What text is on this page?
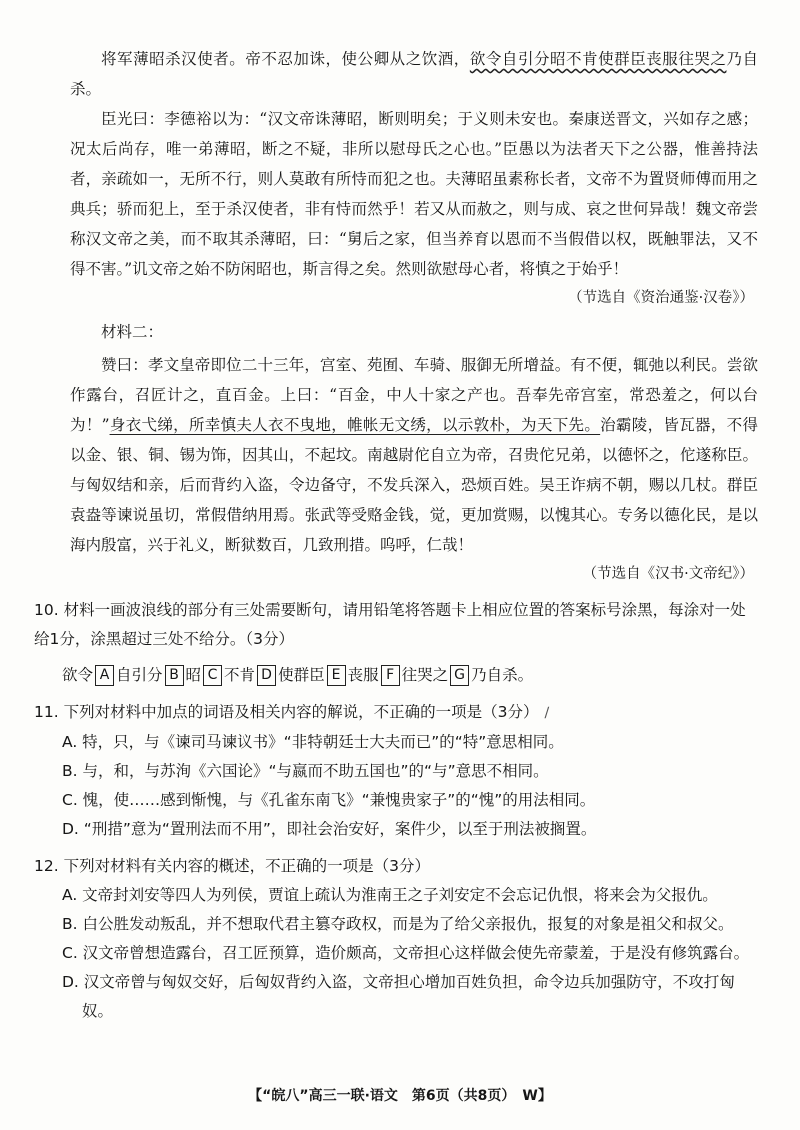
将军薄昭杀汉使者。帝不忍加诛，使公卿从之饮酒，欲令自引分昭不肯使群臣丧服往哭之乃自杀。

臣光曰：李德裕以为：“汉文帝诛薄昭，断则明矣；于义则未安也。秦康送晋文，兴如存之感；况太后尚存，唯一弟薄昭，断之不疑，非所以慰母氏之心也。”臣愚以为法者天下之公器，惟善持法者，亲疏如一，无所不行，则人莫敢有所恃而犯之也。夫薄昭虽素称长者，文帝不为置贤师傅而用之典兵；骄而犯上，至于杀汉使者，非有恃而然乎！若又从而赦之，则与成、哀之世何异哉！魏文帝尝称汉文帝之美，而不取其杀薄昭，曰：“舅后之家，但当养育以恩而不当假借以权，既触罪法，又不得不害。”讥文帝之始不防闲昭也，斯言得之矣。然则欲慰母心者，将慎之于始乎！

（节选自《资治通鉴·汉卷》）

材料二：

赞曰：孝文皇帝即位二十三年，宫室、苑囿、车骑、服御无所增益。有不便，辄弛以利民。尝欲作露台，召匠计之，直百金。上曰：“百金，中人十家之产也。吾奉先帝宫室，常恐羞之，何以台为！”身衣弋绨，所幸慎夫人衣不曳地，帷帐无文绣，以示敦朴，为天下先。治霸陵，皆瓦器，不得以金、银、铜、锡为饰，因其山，不起坟。南越尉佗自立为帝，召贵佗兄弟，以德怀之，佗遂称臣。与匈奴结和亲，后而背约入盗，令边备守，不发兵深入，恐烦百姓。吴王诈病不朝，赐以几杖。群臣袁盎等谏说虽切，常假借纳用焉。张武等受赂金钱，觉，更加赏赐，以愧其心。专务以德化民，是以海内殷富，兴于礼义，断狱数百，几致刑措。呜呼，仁哉！

（节选自《汉书·文帝纪》）

10. 材料一画波浪线的部分有三处需要断句，请用铅笔将答题卡上相应位置的答案标号涂黑，每涂对一处给1分，涂黑超过三处不给分。（3分）

欲令 A 自引分 B 昭 C 不肯 D 使群臣 E 丧服 F 往哭之 G 乃自杀。

11. 下列对材料中加点的词语及相关内容的解说，不正确的一项是（3分） ∕

A. 特，只，与《谏司马谏议书》“非特朝廷士大夫而已”的“特”意思相同。

B. 与，和，与苏洵《六国论》“与嬴而不助五国也”的“与”意思不相同。

C. 愧，使……感到惭愧，与《孔雀东南飞》“兼愧贵家子”的“愧”的用法相同。

D. “刑措”意为“置刑法而不用”，即社会治安好，案件少，以至于刑法被搁置。

12. 下列对材料有关内容的概述，不正确的一项是（3分）

A. 文帝封刘安等四人为列侯，贾谊上疏认为淮南王之子刘安定不会忘记仇恨，将来会为父报仇。

B. 白公胜发动叛乱，并不想取代君主篡夺政权，而是为了给父亲报仇，报复的对象是祖父和叔父。

C. 汉文帝曾想造露台，召工匠预算，造价颇高，文帝担心这样做会使先帝蒙羞，于是没有修筑露台。

D. 汉文帝曾与匈奴交好，后匈奴背约入盗，文帝担心增加百姓负担，命令边兵加强防守，不攻打匈奴。

【“皖八”高三一联·语文　第6页（共8页）　W】
